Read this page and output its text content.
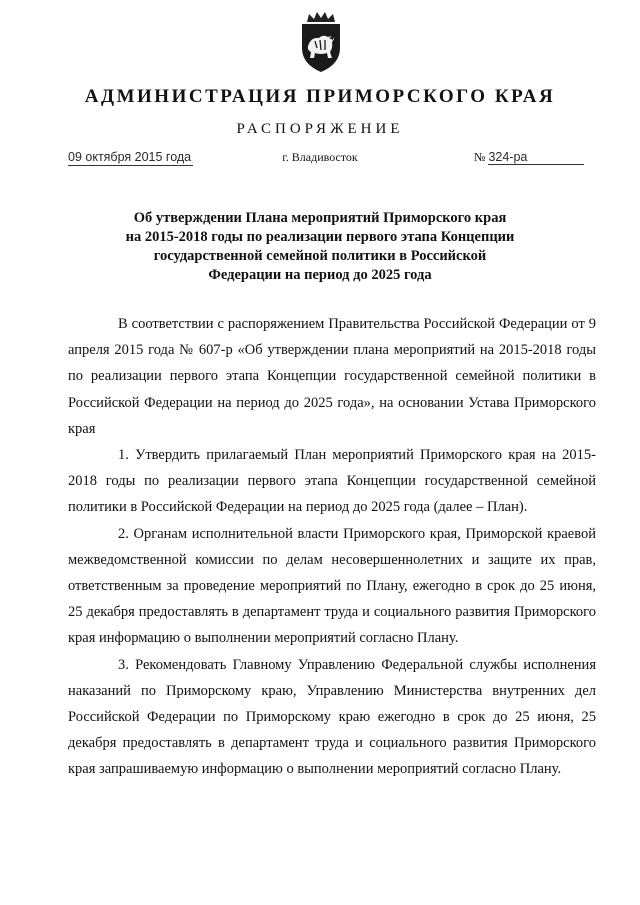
АДМИНИСТРАЦИЯ ПРИМОРСКОГО КРАЯ
РАСПОРЯЖЕНИЕ
09 октября 2015 года	г. Владивосток	№ 324-ра
Об утверждении Плана мероприятий Приморского края
на 2015-2018 годы по реализации первого этапа Концепции
государственной семейной политики в Российской
Федерации на период до 2025 года

В соответствии с распоряжением Правительства Российской Федерации от 9 апреля 2015 года № 607-р «Об утверждении плана мероприятий на 2015-2018 годы по реализации первого этапа Концепции государственной семейной политики в Российской Федерации на период до 2025 года», на основании Устава Приморского края

1. Утвердить прилагаемый План мероприятий Приморского края на 2015-2018 годы по реализации первого этапа Концепции государственной семейной политики в Российской Федерации на период до 2025 года (далее – План).

2. Органам исполнительной власти Приморского края, Приморской краевой межведомственной комиссии по делам несовершеннолетних и защите их прав, ответственным за проведение мероприятий по Плану, ежегодно в срок до 25 июня, 25 декабря предоставлять в департамент труда и социального развития Приморского края информацию о выполнении мероприятий согласно Плану.

3. Рекомендовать Главному Управлению Федеральной службы исполнения наказаний по Приморскому краю, Управлению Министерства внутренних дел Российской Федерации по Приморскому краю ежегодно в срок до 25 июня, 25 декабря предоставлять в департамент труда и социального развития Приморского края запрашиваемую информацию о выполнении мероприятий согласно Плану.
